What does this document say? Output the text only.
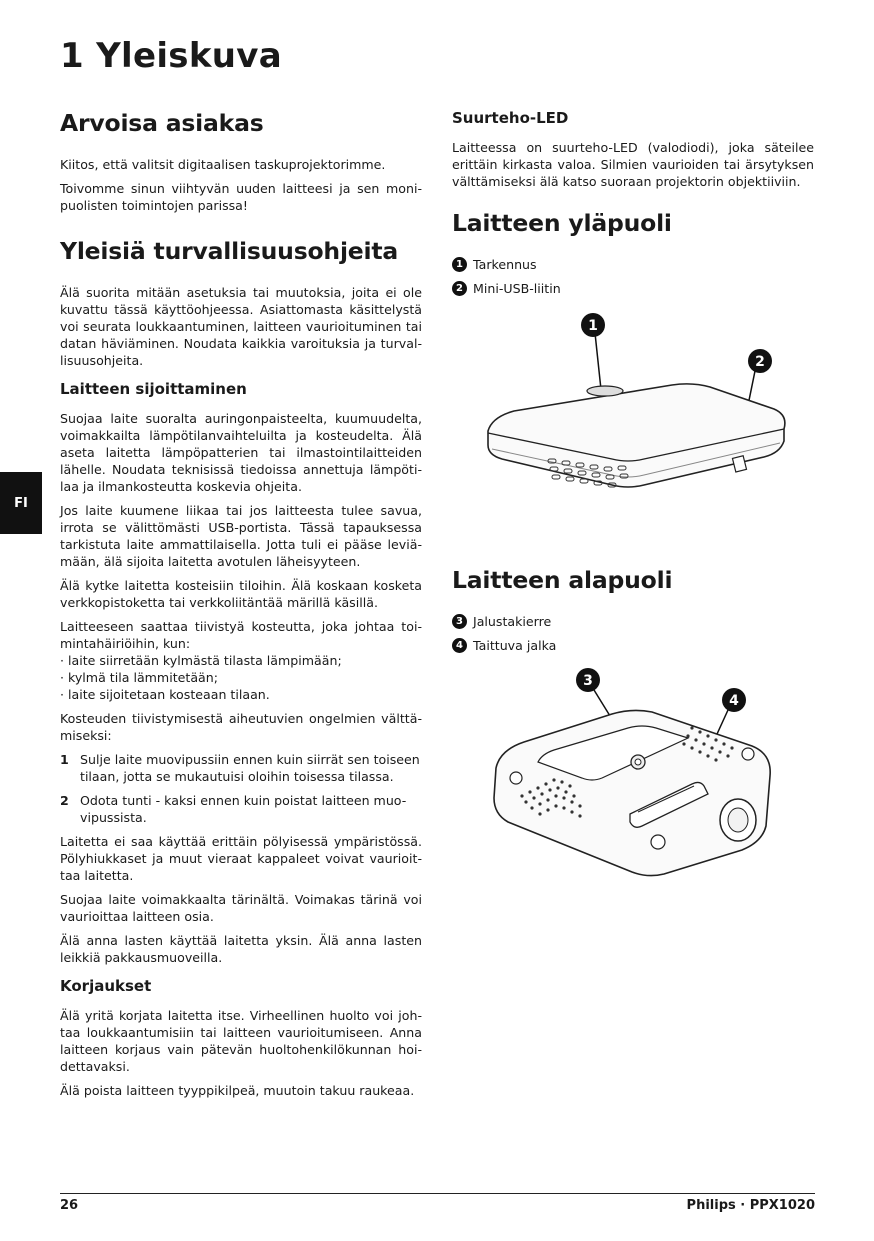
1 Yleiskuva
FI
Arvoisa asiakas

Kiitos, että valitsit digitaalisen taskuprojektorimme.

Toivomme sinun viihtyvän uuden laitteesi ja sen moni-puolisten toimintojen parissa!

Yleisiä turvallisuusohjeita

Älä suorita mitään asetuksia tai muutoksia, joita ei ole kuvattu tässä käyttöohjeessa. Asiattomasta käsittelystä voi seurata loukkaantuminen, laitteen vaurioituminen tai datan häviäminen. Noudata kaikkia varoituksia ja turval-lisuusohjeita.

Laitteen sijoittaminen

Suojaa laite suoralta auringonpaisteelta, kuumuudelta, voimakkailta lämpötilanvaihteluilta ja kosteudelta. Älä aseta laitetta lämpöpatterien tai ilmastointilaitteiden lähelle. Noudata teknisissä tiedoissa annettuja lämpöti-laa ja ilmankosteutta koskevia ohjeita.

Jos laite kuumene liikaa tai jos laitteesta tulee savua, irrota se välittömästi USB-portista. Tässä tapauksessa tarkistuta laite ammattilaisella. Jotta tuli ei pääse leviä-mään, älä sijoita laitetta avotulen läheisyyteen.

Älä kytke laitetta kosteisiin tiloihin. Älä koskaan kosketa verkkopistoketta tai verkkoliitäntää märillä käsillä.

Laitteeseen saattaa tiivistyä kosteutta, joka johtaa toi-mintahäiriöihin, kun:

· laite siirretään kylmästä tilasta lämpimään;

· kylmä tila lämmitetään;

· laite sijoitetaan kosteaan tilaan.

Kosteuden tiivistymisestä aiheutuvien ongelmien välttä-miseksi:

1 Sulje laite muovipussiin ennen kuin siirrät sen toiseen tilaan, jotta se mukautuisi oloihin toisessa tilassa.
2 Odota tunti - kaksi ennen kuin poistat laitteen muo-vipussista.

Laitetta ei saa käyttää erittäin pölyisessä ympäristössä. Pölyhiukkaset ja muut vieraat kappaleet voivat vaurioit-taa laitetta.

Suojaa laite voimakkaalta tärinältä. Voimakas tärinä voi vaurioittaa laitteen osia.

Älä anna lasten käyttää laitetta yksin. Älä anna lasten leikkiä pakkausmuoveilla.

Korjaukset

Älä yritä korjata laitetta itse. Virheellinen huolto voi joh-taa loukkaantumisiin tai laitteen vaurioitumiseen. Anna laitteen korjaus vain pätevän huoltohenkilökunnan hoi-dettavaksi.

Älä poista laitteen tyyppikilpeä, muutoin takuu raukeaa.

Suurteho-LED

Laitteessa on suurteho-LED (valodiodi), joka säteilee erittäin kirkasta valoa. Silmien vaurioiden tai ärsytyksen välttämiseksi älä katso suoraan projektorin objektiiviin.

Laitteen yläpuoli
1 Tarkennus
2 Mini-USB-liitin
1
2
Laitteen alapuoli
3 Jalustakierre
4 Taittuva jalka
3
4
26	Philips · PPX1020
